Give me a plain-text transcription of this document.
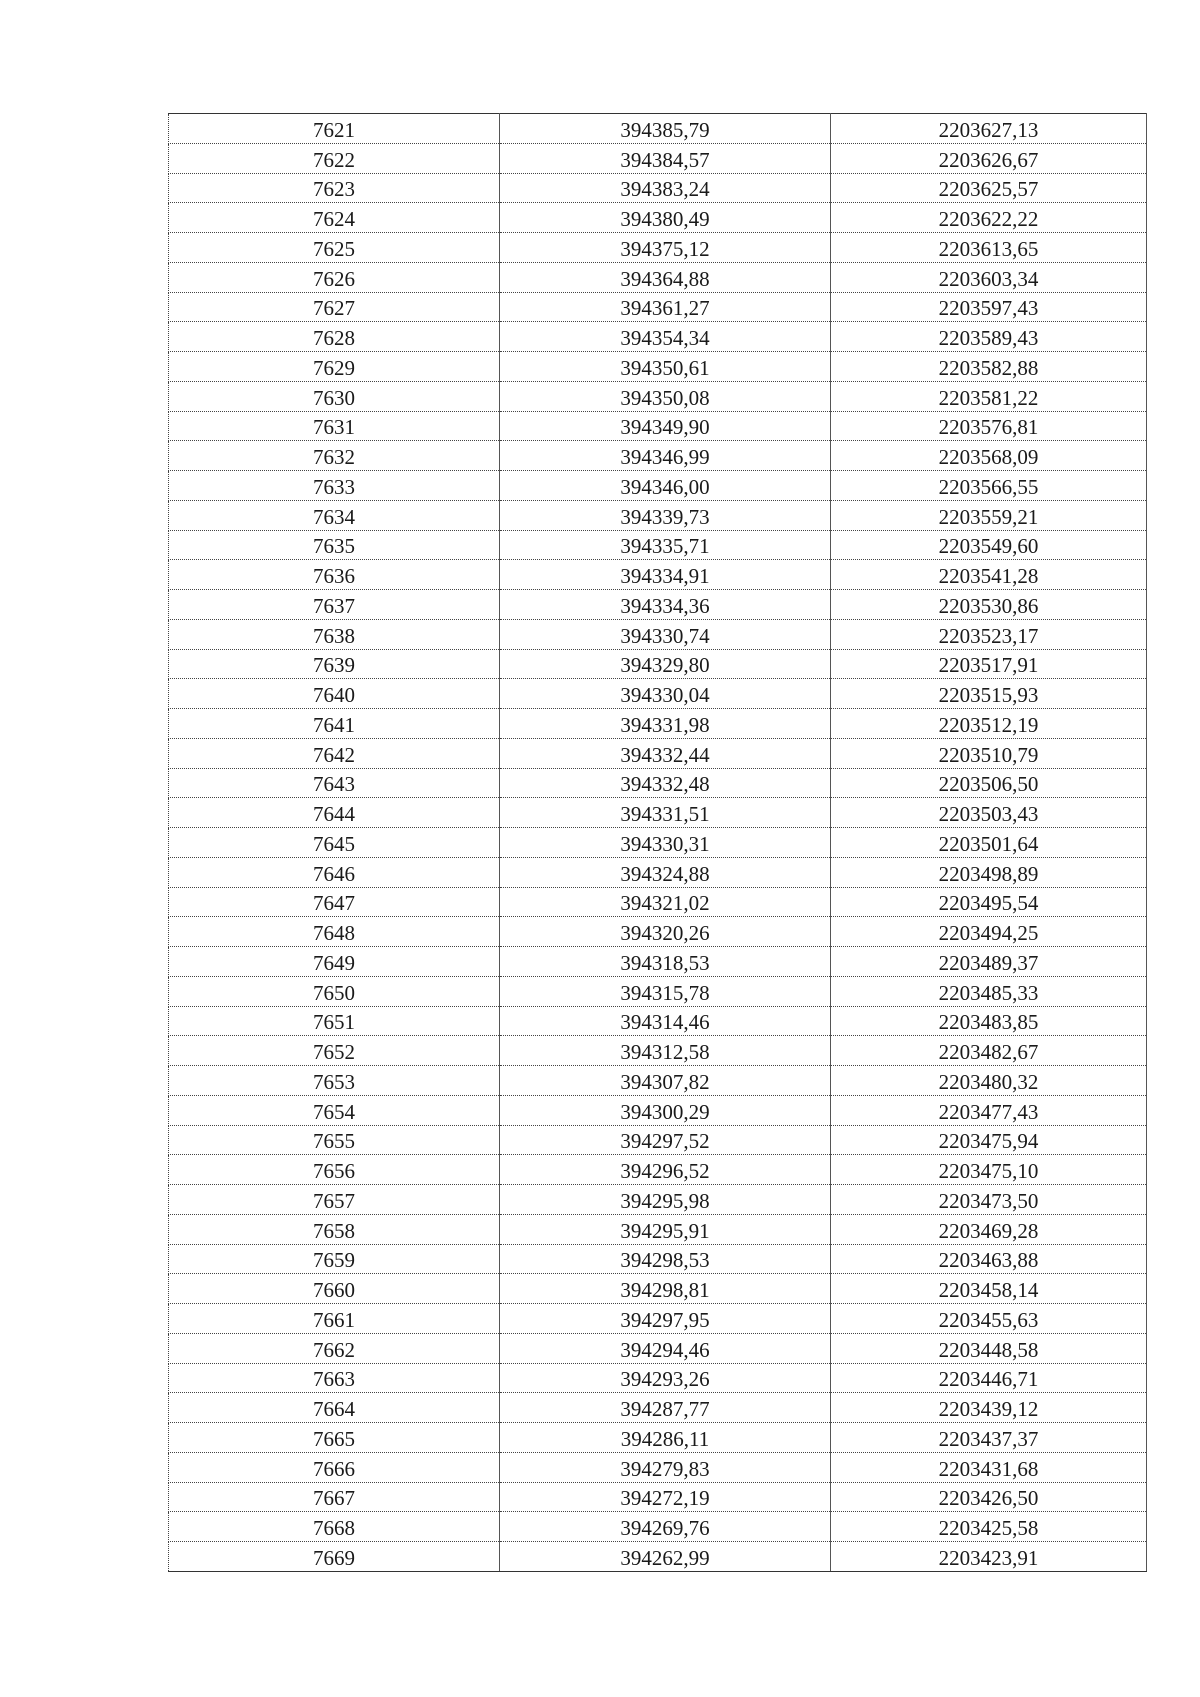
7621	394385,79	2203627,13
7622	394384,57	2203626,67
7623	394383,24	2203625,57
7624	394380,49	2203622,22
7625	394375,12	2203613,65
7626	394364,88	2203603,34
7627	394361,27	2203597,43
7628	394354,34	2203589,43
7629	394350,61	2203582,88
7630	394350,08	2203581,22
7631	394349,90	2203576,81
7632	394346,99	2203568,09
7633	394346,00	2203566,55
7634	394339,73	2203559,21
7635	394335,71	2203549,60
7636	394334,91	2203541,28
7637	394334,36	2203530,86
7638	394330,74	2203523,17
7639	394329,80	2203517,91
7640	394330,04	2203515,93
7641	394331,98	2203512,19
7642	394332,44	2203510,79
7643	394332,48	2203506,50
7644	394331,51	2203503,43
7645	394330,31	2203501,64
7646	394324,88	2203498,89
7647	394321,02	2203495,54
7648	394320,26	2203494,25
7649	394318,53	2203489,37
7650	394315,78	2203485,33
7651	394314,46	2203483,85
7652	394312,58	2203482,67
7653	394307,82	2203480,32
7654	394300,29	2203477,43
7655	394297,52	2203475,94
7656	394296,52	2203475,10
7657	394295,98	2203473,50
7658	394295,91	2203469,28
7659	394298,53	2203463,88
7660	394298,81	2203458,14
7661	394297,95	2203455,63
7662	394294,46	2203448,58
7663	394293,26	2203446,71
7664	394287,77	2203439,12
7665	394286,11	2203437,37
7666	394279,83	2203431,68
7667	394272,19	2203426,50
7668	394269,76	2203425,58
7669	394262,99	2203423,91
